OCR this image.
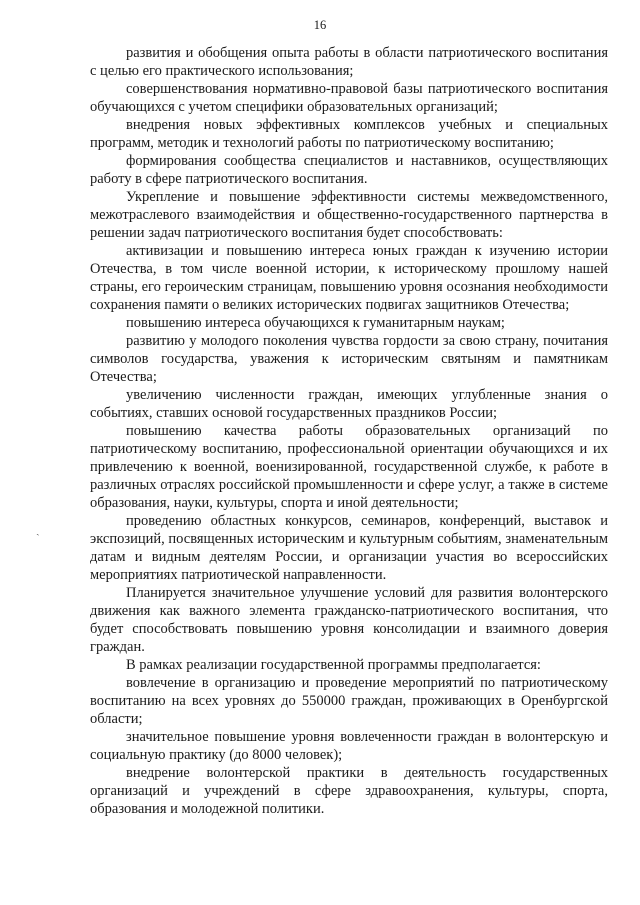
16
ˏ

развития и обобщения опыта работы в области патриотического воспитания с целью его практического использования;

совершенствования нормативно-правовой базы патриотического воспитания обучающихся с учетом специфики образовательных организаций;

внедрения новых эффективных комплексов учебных и специальных программ, методик и технологий работы по патриотическому воспитанию;

формирования сообщества специалистов и наставников, осуществляющих работу в сфере патриотического воспитания.

Укрепление и повышение эффективности системы межведомственного, межотраслевого взаимодействия и общественно-государственного партнерства в решении задач патриотического воспитания будет способствовать:

активизации и повышению интереса юных граждан к изучению истории Отечества, в том числе военной истории, к историческому прошлому нашей страны, его героическим страницам, повышению уровня осознания необходимости сохранения памяти о великих исторических подвигах защитников Отечества;

повышению интереса обучающихся к гуманитарным наукам;

развитию у молодого поколения чувства гордости за свою страну, почитания символов государства, уважения к историческим святыням и памятникам Отечества;

увеличению численности граждан, имеющих углубленные знания о событиях, ставших основой государственных праздников России;

повышению качества работы образовательных организаций по патриотическому воспитанию, профессиональной ориентации обучающихся и их привлечению к военной, военизированной, государственной службе, к работе в различных отраслях российской промышленности и сфере услуг, а также в системе образования, науки, культуры, спорта и иной деятельности;

проведению областных конкурсов, семинаров, конференций, выставок и экспозиций, посвященных историческим и культурным событиям, знаменательным датам и видным деятелям России, и организации участия во всероссийских мероприятиях патриотической направленности.

Планируется значительное улучшение условий для развития волонтерского движения как важного элемента гражданско-патриотического воспитания, что будет способствовать повышению уровня консолидации и взаимного доверия граждан.

В рамках реализации государственной программы предполагается:

вовлечение в организацию и проведение мероприятий по патриотическому воспитанию на всех уровнях до 550000 граждан, проживающих в Оренбургской области;

значительное повышение уровня вовлеченности граждан в волонтерскую и социальную практику (до 8000 человек);

внедрение волонтерской практики в деятельность государственных организаций и учреждений в сфере здравоохранения, культуры, спорта, образования и молодежной политики.
